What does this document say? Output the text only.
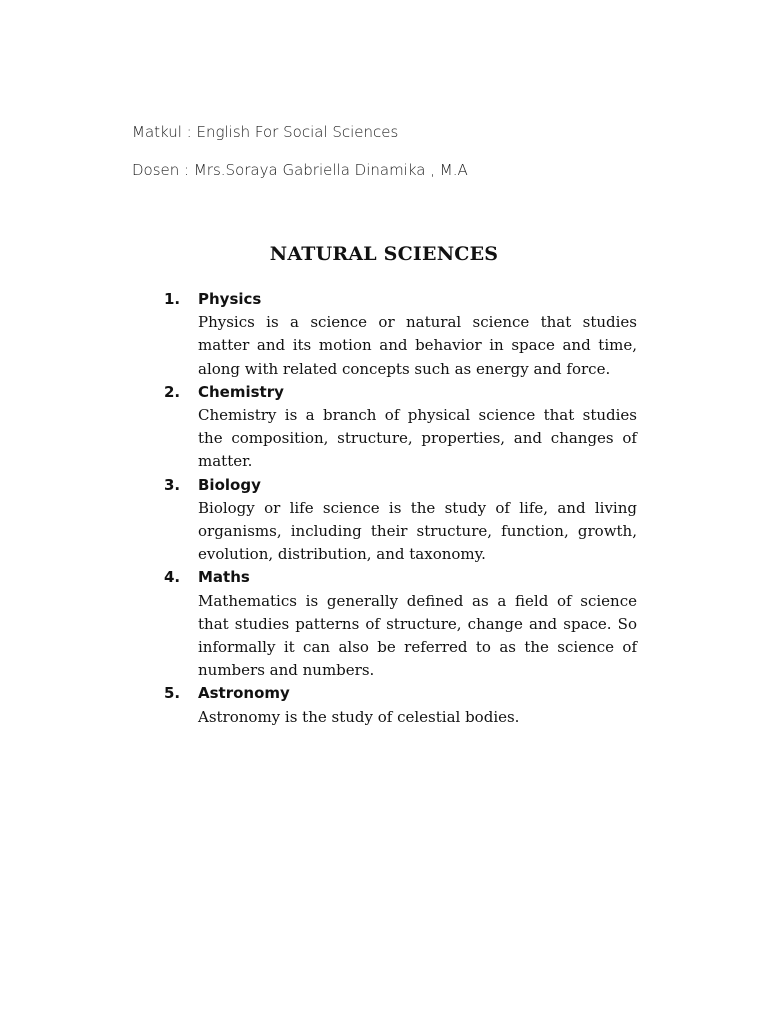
Matkul : English For Social Sciences
Dosen : Mrs.Soraya Gabriella Dinamika , M.A
NATURAL SCIENCES
1. Physics

Physics is a science or natural science that studies matter and its motion and behavior in space and time, along with related concepts such as energy and force.

2. Chemistry

Chemistry is a branch of physical science that studies the composition, structure, properties, and changes of matter.

3. Biology

Biology or life science is the study of life, and living organisms, including their structure, function, growth, evolution, distribution, and taxonomy.

4. Maths

Mathematics is generally defined as a field of science that studies patterns of structure, change and space. So informally it can also be referred to as the science of numbers and numbers.

5. Astronomy

Astronomy is the study of celestial bodies.
